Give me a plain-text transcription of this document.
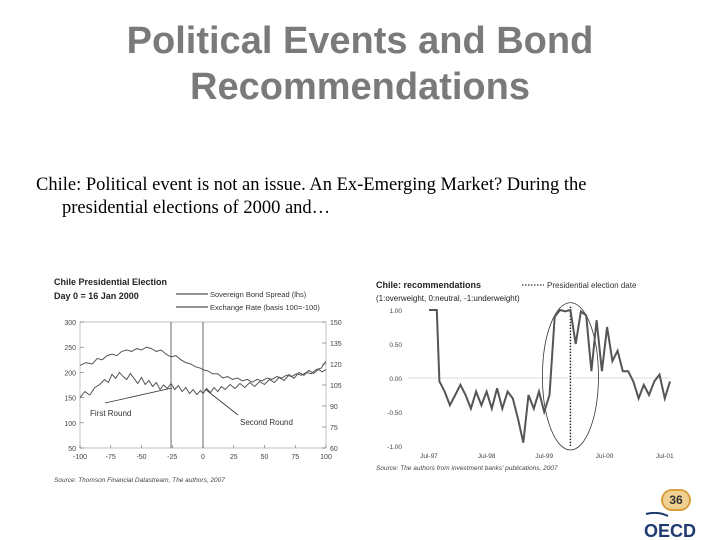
Political Events and Bond
Recommendations
Chile: Political event is not an issue. An Ex-Emerging Market? During the
presidential elections of 2000 and…
Chile Presidential Election
Day 0 = 16 Jan 2000	Sovereign Bond Spread (lhs)
Exchange Rate (basis 100=-100)
300
250
200
150
100
50
150
135
120
105
90
75
60
-100	-75	-50	-25	0	25	50	75	100
First Round
Second Round
Source: Thomson Financial Datastream, The authors, 2007
Chile: recommendations
(1:overweight, 0:neutral, -1:underweight)
Presidential election date
1.00
0.50
0.00
-0.50
-1.00
Jul-97	Jul-98	Jul-99	Jul-00	Jul-01
Source: The authors from investment banks' publications, 2007
36
OECD
